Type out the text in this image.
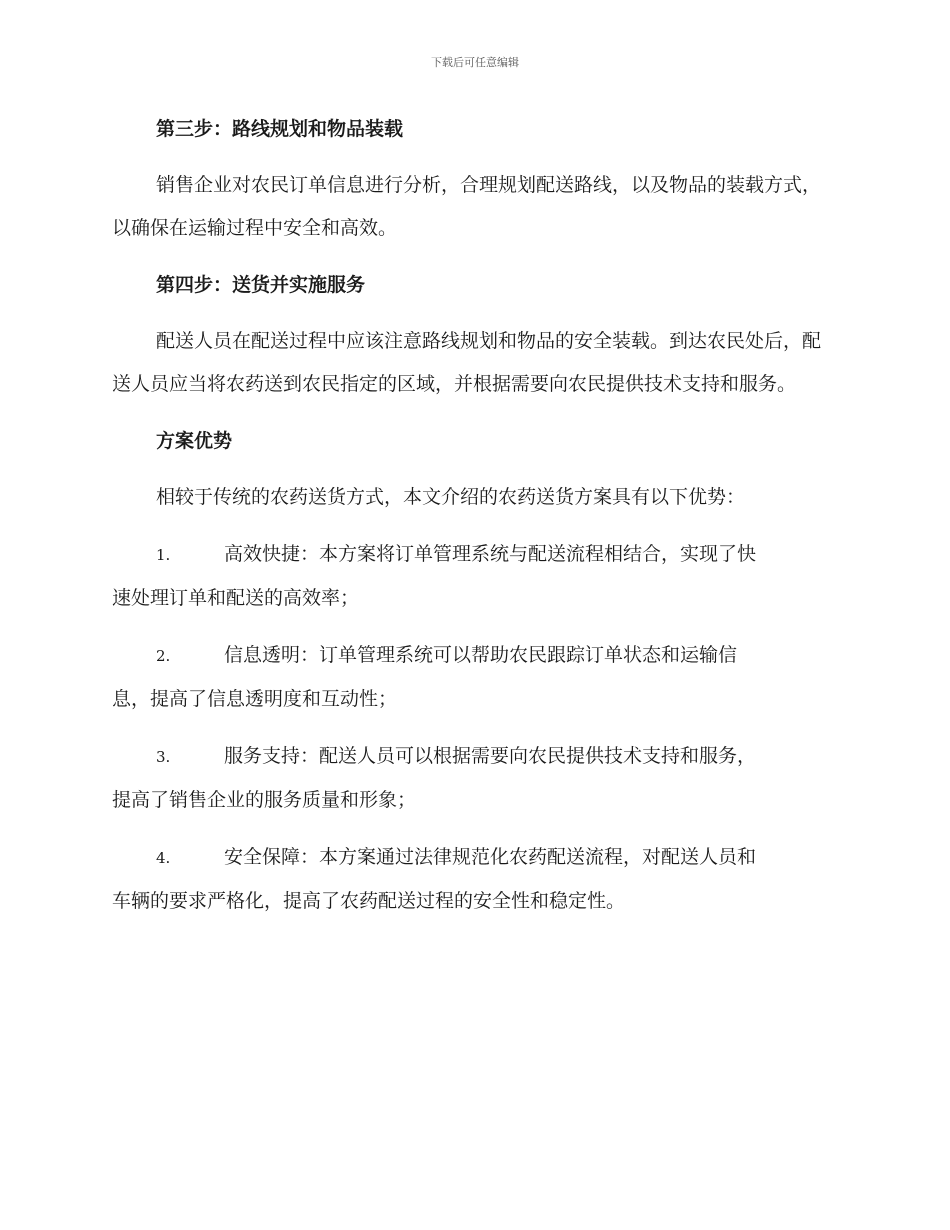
下载后可任意编辑
第三步：路线规划和物品装载
销售企业对农民订单信息进行分析，合理规划配送路线，以及物品的装载方式，以确保在运输过程中安全和高效。
第四步：送货并实施服务
配送人员在配送过程中应该注意路线规划和物品的安全装载。到达农民处后，配送人员应当将农药送到农民指定的区域，并根据需要向农民提供技术支持和服务。
方案优势
相较于传统的农药送货方式，本文介绍的农药送货方案具有以下优势：
1.	高效快捷：本方案将订单管理系统与配送流程相结合，实现了快
速处理订单和配送的高效率；
2.	信息透明：订单管理系统可以帮助农民跟踪订单状态和运输信
息，提高了信息透明度和互动性；
3.	服务支持：配送人员可以根据需要向农民提供技术支持和服务，
提高了销售企业的服务质量和形象；
4.	安全保障：本方案通过法律规范化农药配送流程，对配送人员和
车辆的要求严格化，提高了农药配送过程的安全性和稳定性。
